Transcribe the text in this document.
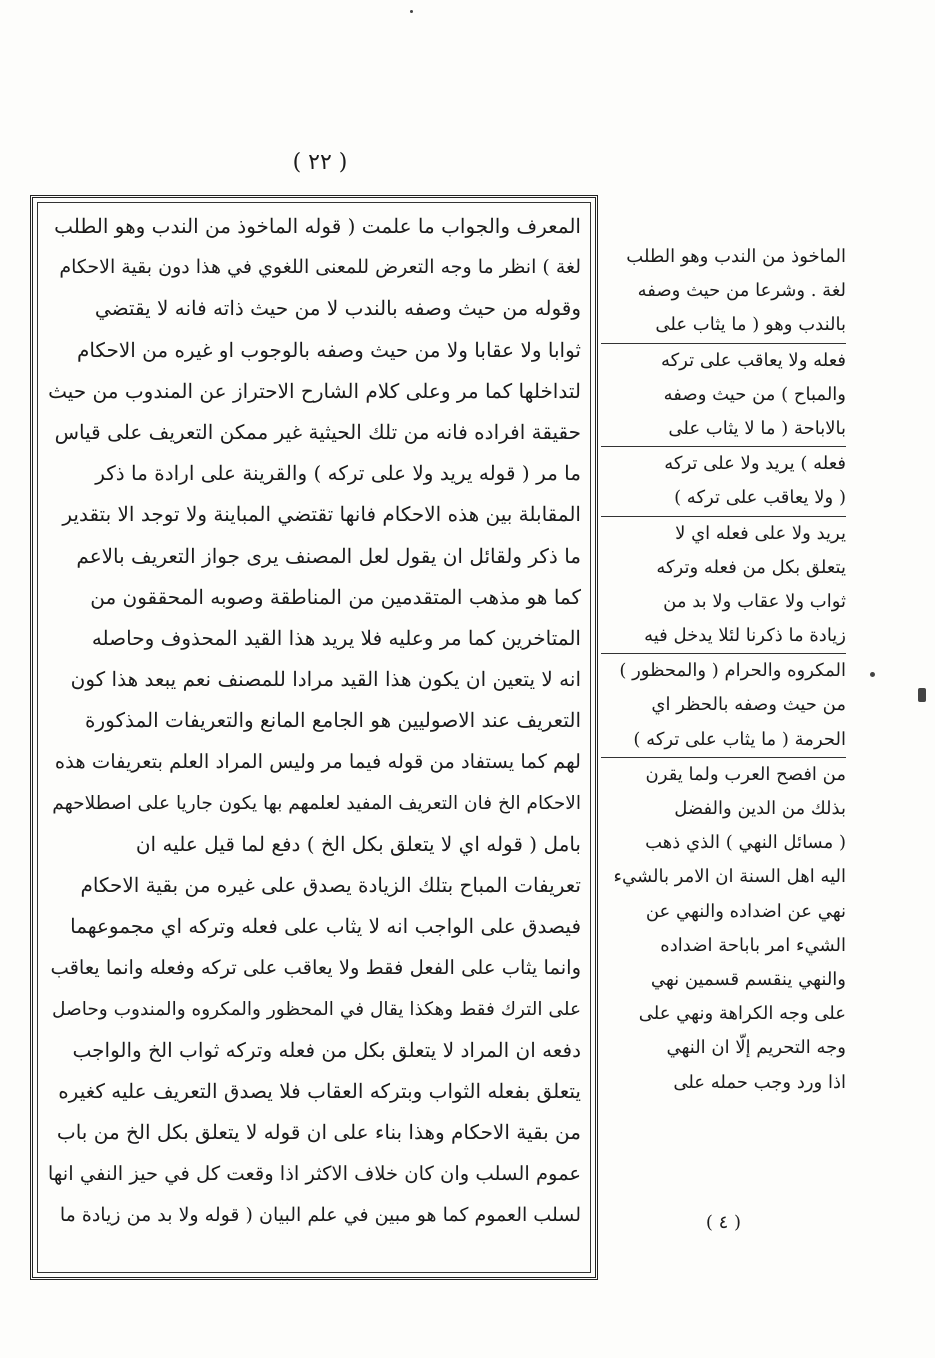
( ٢٢ )
المعرف والجواب ما علمت ( قوله الماخوذ من الندب وهو الطلب
لغة ) انظر ما وجه التعرض للمعنى اللغوي في هذا دون بقية الاحكام
وقوله من حيث وصفه بالندب لا من حيث ذاته فانه لا يقتضي
ثوابا ولا عقابا ولا من حيث وصفه بالوجوب او غيره من الاحكام
لتداخلها كما مر وعلى كلام الشارح الاحتراز عن المندوب من حيث
حقيقة افراده فانه من تلك الحيثية غير ممكن التعريف على قياس
ما مر ( قوله يريد ولا على تركه ) والقرينة على ارادة ما ذكر
المقابلة بين هذه الاحكام فانها تقتضي المباينة ولا توجد الا بتقدير
ما ذكر ولقائل ان يقول لعل المصنف يرى جواز التعريف بالاعم
كما هو مذهب المتقدمين من المناطقة وصوبه المحققون من
المتاخرين كما مر وعليه فلا يريد هذا القيد المحذوف وحاصله
انه لا يتعين ان يكون هذا القيد مرادا للمصنف نعم يبعد هذا كون
التعريف عند الاصوليين هو الجامع المانع والتعريفات المذكورة
لهم كما يستفاد من قوله فيما مر وليس المراد العلم بتعريفات هذه
الاحكام الخ فان التعريف المفيد لعلمهم بها يكون جاريا على اصطلاحهم
بامل ( قوله اي لا يتعلق بكل الخ ) دفع لما قيل عليه ان
تعريفات المباح بتلك الزيادة يصدق على غيره من بقية الاحكام
فيصدق على الواجب انه لا يثاب على فعله وتركه اي مجموعهما
وانما يثاب على الفعل فقط ولا يعاقب على تركه وفعله وانما يعاقب
على الترك فقط وهكذا يقال في المحظور والمكروه والمندوب وحاصل
دفعه ان المراد لا يتعلق بكل من فعله وتركه ثواب الخ والواجب
يتعلق بفعله الثواب وبتركه العقاب فلا يصدق التعريف عليه كغيره
من بقية الاحكام وهذا بناء على ان قوله لا يتعلق بكل الخ من باب
عموم السلب وان كان خلاف الاكثر اذا وقعت كل في حيز النفي انها
لسلب العموم كما هو مبين في علم البيان ( قوله ولا بد من زيادة ما
الماخوذ من الندب وهو الطلب
لغة . وشرعا من حيث وصفه
بالندب وهو ( ما يثاب على
فعله ولا يعاقب على تركه
والمباح ) من حيث وصفه
بالاباحة ( ما لا يثاب على
فعله ) يريد ولا على تركه
( ولا يعاقب على تركه )
يريد ولا على فعله اي لا
يتعلق بكل من فعله وتركه
ثواب ولا عقاب ولا بد من
زيادة ما ذكرنا لئلا يدخل فيه
المكروه والحرام ( والمحظور )
من حيث وصفه بالحظر اي
الحرمة ( ما يثاب على تركه )
من افصح العرب ولما يقرن
بذلك من الدين والفضل
( مسائل النهي ) الذي ذهب
اليه اهل السنة ان الامر بالشيء
نهي عن اضداده والنهي عن
الشيء امر باباحة اضداده
والنهي ينقسم قسمين نهي
على وجه الكراهة ونهي على
وجه التحريم إلّا ان النهي
اذا ورد وجب حمله على
( ٤ )
